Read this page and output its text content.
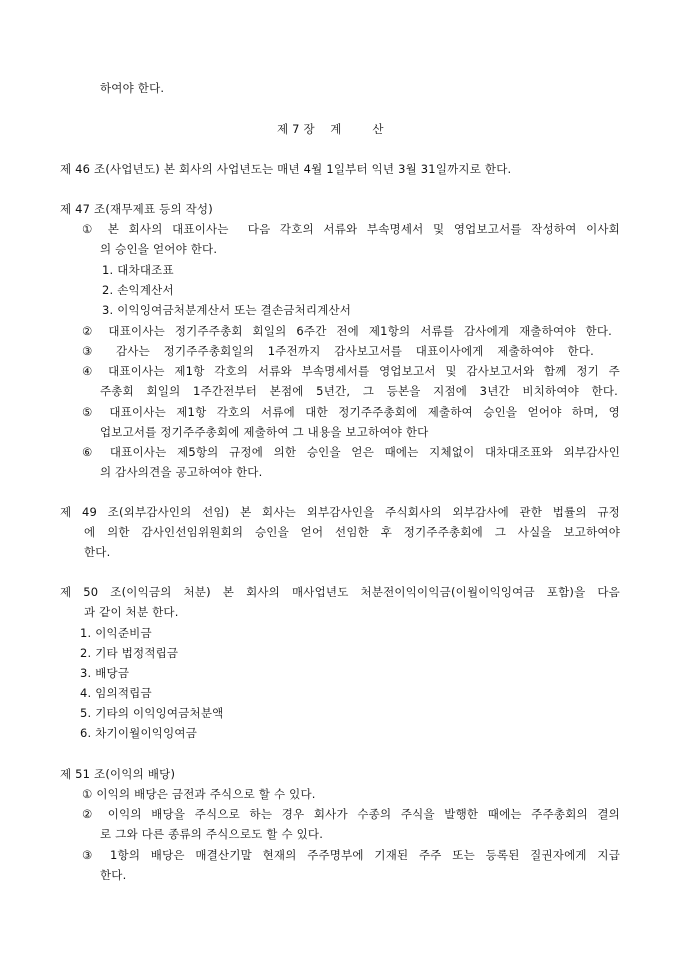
하여야 한다.
제 7 장    계        산
제 46 조(사업년도) 본 회사의 사업년도는 매년 4월 1일부터 익년 3월 31일까지로 한다.
제 47 조(재무제표 등의 작성)
① 본 회사의 대표이사는  다음 각호의 서류와 부속명세서 및 영업보고서를 작성하여 이사회
의 승인을 얻어야 한다.
1. 대차대조표
2. 손익계산서
3. 이익잉여금처분계산서 또는 결손금처리계산서
② 대표이사는 정기주주총회 회일의 6주간 전에 제1항의 서류를 감사에게 재출하여야 한다.
③ 감사는 정기주주총회일의 1주전까지 감사보고서를 대표이사에게 제출하여야 한다.
④ 대표이사는 제1항 각호의 서류와 부속명세서를 영업보고서 및 감사보고서와 함께 정기 주
주총회 회일의 1주간전부터 본점에 5년간, 그 등본을 지점에 3년간 비치하여야 한다.
⑤ 대표이사는 제1항 각호의 서류에 대한 정기주주총회에 제출하여 승인을 얻어야 하며, 영
업보고서를 정기주주총회에 제출하여 그 내용을 보고하여야 한다
⑥ 대표이사는 제5항의 규정에 의한 승인을 얻은 때에는 지체없이 대차대조표와 외부감사인
의 감사의견을 공고하여야 한다.
제 49 조(외부감사인의 선임) 본 회사는 외부감사인을 주식회사의 외부감사에 관한 법률의 규정
에 의한 감사인선임위원회의 승인을 얻어 선임한 후 정기주주총회에 그 사실을 보고하여야
한다.
제 50 조(이익금의 처분) 본 회사의 매사업년도 처분전이익이익금(이월이익잉여금 포함)을 다음
과 같이 처분 한다.
1. 이익준비금
2. 기타 법정적립금
3. 배당금
4. 임의적립금
5. 기타의 이익잉여금처분액
6. 차기이월이익잉여금
제 51 조(이익의 배당)
① 이익의 배당은 금전과 주식으로 할 수 있다.
② 이익의 배당을 주식으로 하는 경우 회사가 수종의 주식을 발행한 때에는 주주총회의 결의
로 그와 다른 종류의 주식으로도 할 수 있다.
③ 1항의 배당은 매결산기말 현재의 주주명부에 기재된 주주 또는 등록된 질권자에게 지급
한다.
